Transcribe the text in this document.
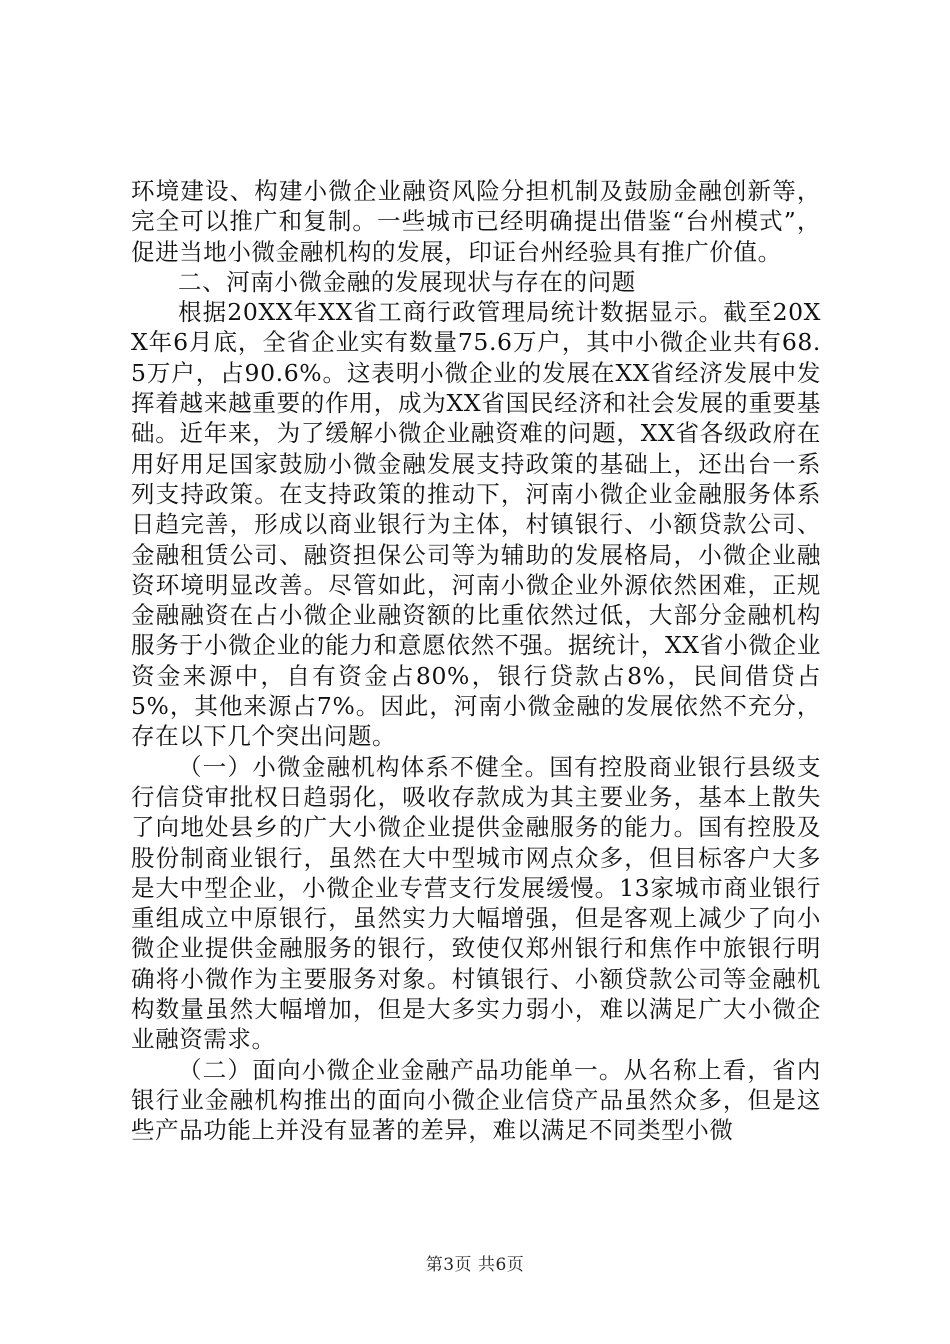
环境建设、构建小微企业融资风险分担机制及鼓励金融创新等，完全可以推广和复制。一些城市已经明确提出借鉴“台州模式”，促进当地小微金融机构的发展，印证台州经验具有推广价值。

二、河南小微金融的发展现状与存在的问题

根据20XX年XX省工商行政管理局统计数据显示。截至20XX年6月底，全省企业实有数量75.6万户，其中小微企业共有68.5万户，占90.6%。这表明小微企业的发展在XX省经济发展中发挥着越来越重要的作用，成为XX省国民经济和社会发展的重要基础。近年来，为了缓解小微企业融资难的问题，XX省各级政府在用好用足国家鼓励小微金融发展支持政策的基础上，还出台一系列支持政策。在支持政策的推动下，河南小微企业金融服务体系日趋完善，形成以商业银行为主体，村镇银行、小额贷款公司、金融租赁公司、融资担保公司等为辅助的发展格局，小微企业融资环境明显改善。尽管如此，河南小微企业外源依然困难，正规金融融资在占小微企业融资额的比重依然过低，大部分金融机构服务于小微企业的能力和意愿依然不强。据统计，XX省小微企业资金来源中，自有资金占80%，银行贷款占8%，民间借贷占5%，其他来源占7%。因此，河南小微金融的发展依然不充分，存在以下几个突出问题。

（一）小微金融机构体系不健全。国有控股商业银行县级支行信贷审批权日趋弱化，吸收存款成为其主要业务，基本上散失了向地处县乡的广大小微企业提供金融服务的能力。国有控股及股份制商业银行，虽然在大中型城市网点众多，但目标客户大多是大中型企业，小微企业专营支行发展缓慢。13家城市商业银行重组成立中原银行，虽然实力大幅增强，但是客观上减少了向小微企业提供金融服务的银行，致使仅郑州银行和焦作中旅银行明确将小微作为主要服务对象。村镇银行、小额贷款公司等金融机构数量虽然大幅增加，但是大多实力弱小，难以满足广大小微企业融资需求。

（二）面向小微企业金融产品功能单一。从名称上看，省内银行业金融机构推出的面向小微企业信贷产品虽然众多，但是这些产品功能上并没有显著的差异，难以满足不同类型小微

第3页 共6页
